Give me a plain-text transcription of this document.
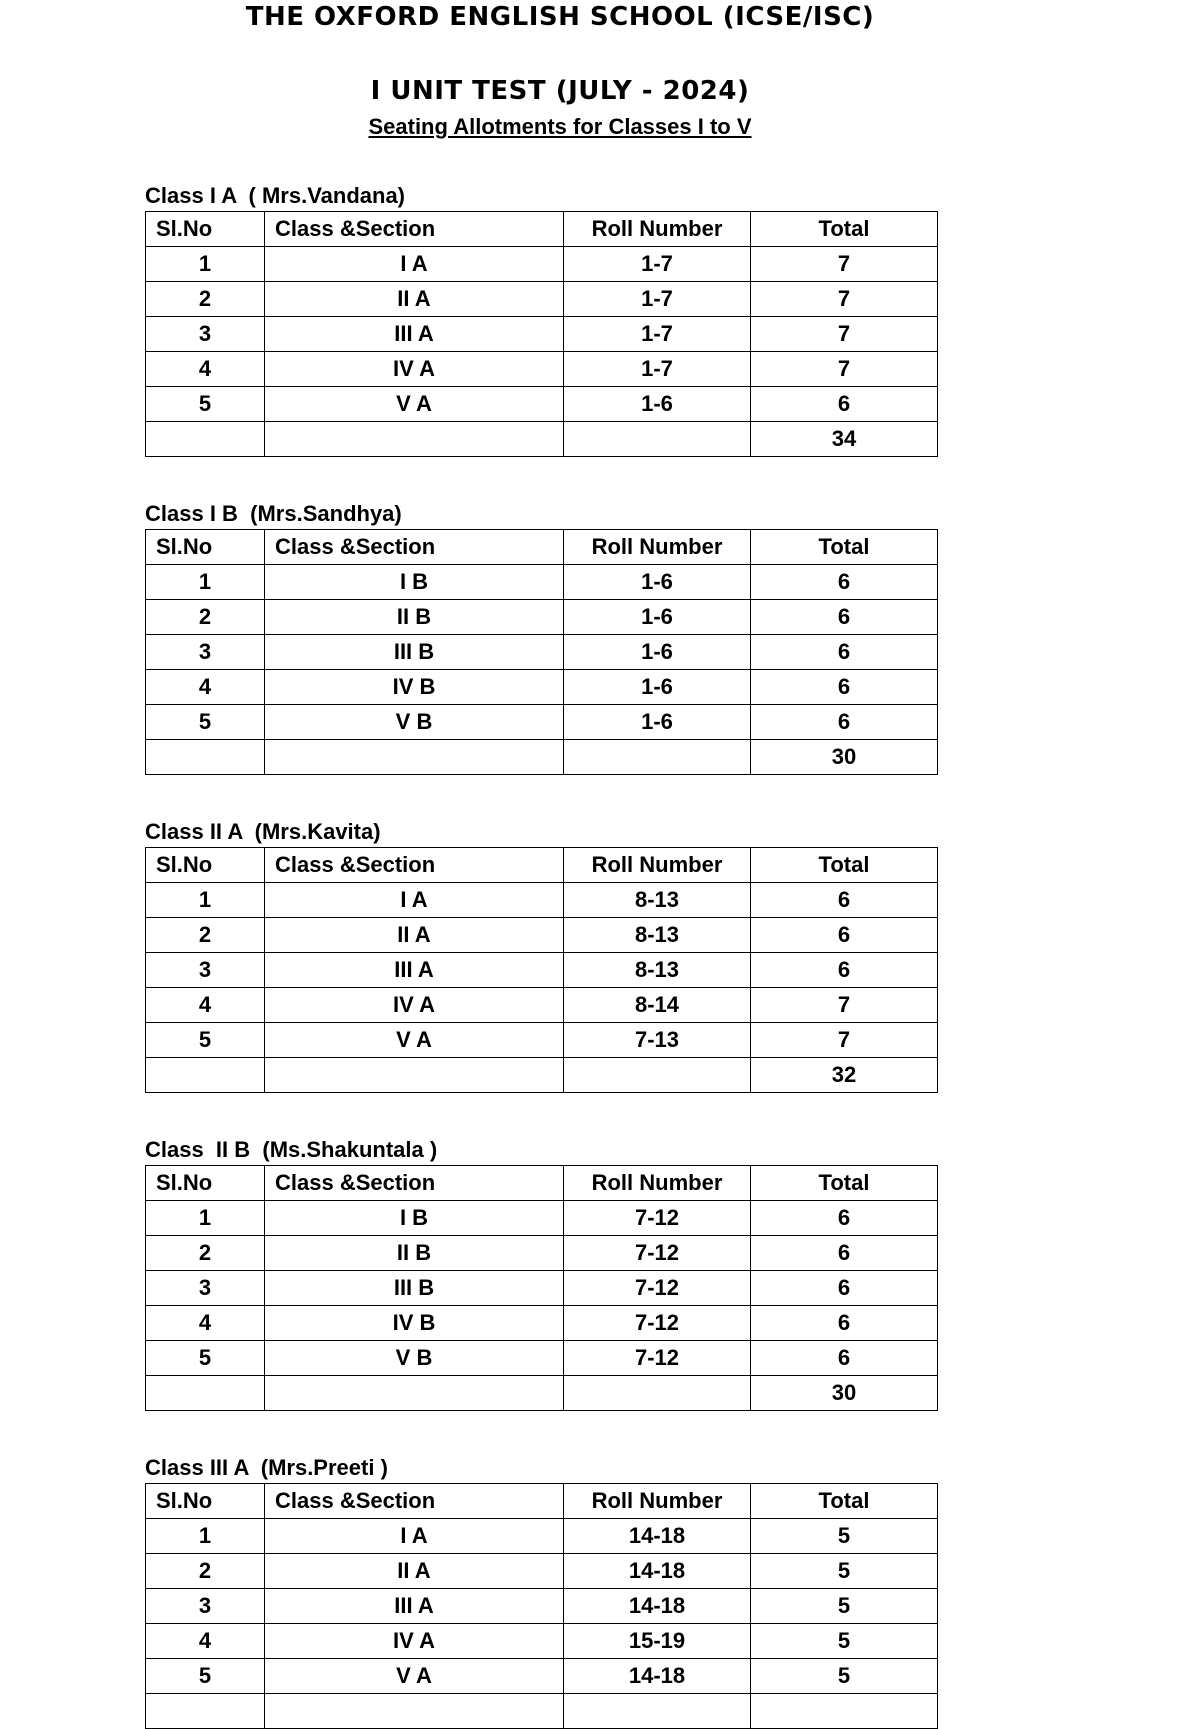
THE OXFORD ENGLISH SCHOOL (ICSE/ISC)
I UNIT TEST (JULY - 2024)
Seating Allotments for Classes I to V
Class I A  ( Mrs.Vandana)
Sl.No	Class &Section	Roll Number	Total
1	I A	1-7	7
2	II A	1-7	7
3	III A	1-7	7
4	IV A	1-7	7
5	V A	1-6	6
			34
Class I B  (Mrs.Sandhya)
Sl.No	Class &Section	Roll Number	Total
1	I B	1-6	6
2	II B	1-6	6
3	III B	1-6	6
4	IV B	1-6	6
5	V B	1-6	6
			30
Class II A  (Mrs.Kavita)
Sl.No	Class &Section	Roll Number	Total
1	I A	8-13	6
2	II A	8-13	6
3	III A	8-13	6
4	IV A	8-14	7
5	V A	7-13	7
			32
Class  II B  (Ms.Shakuntala )
Sl.No	Class &Section	Roll Number	Total
1	I B	7-12	6
2	II B	7-12	6
3	III B	7-12	6
4	IV B	7-12	6
5	V B	7-12	6
			30
Class III A  (Mrs.Preeti )
Sl.No	Class &Section	Roll Number	Total
1	I A	14-18	5
2	II A	14-18	5
3	III A	14-18	5
4	IV A	15-19	5
5	V A	14-18	5
